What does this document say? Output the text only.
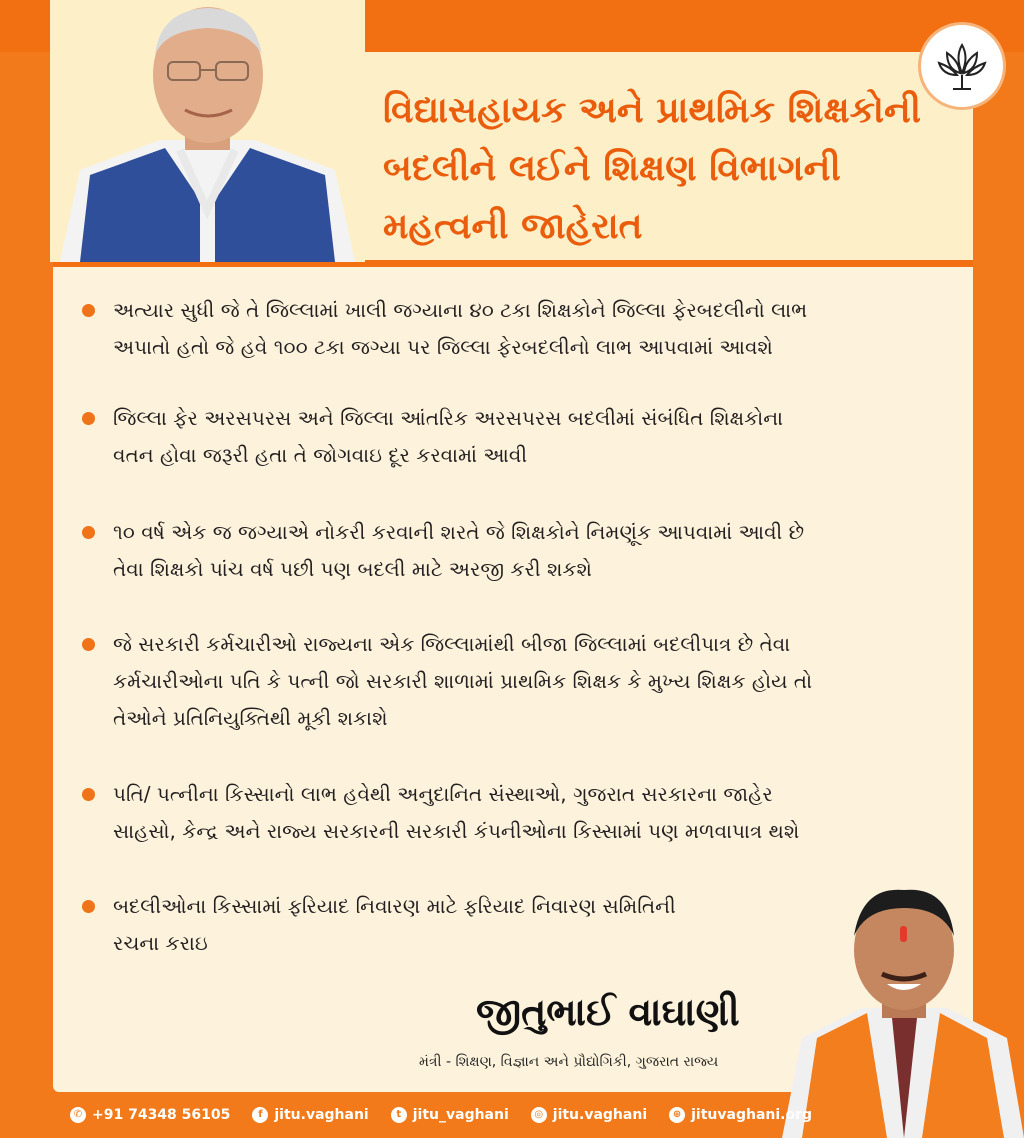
વિદ્યાસહાયક અને પ્રાથમિક શિક્ષકોની
બદલીને લઈને શિક્ષણ વિભાગની
મહત્વની જાહેરાત
અત્યાર સુધી જે તે જિલ્લામાં ખાલી જગ્યાના ૪૦ ટકા શિક્ષકોને જિલ્લા ફેરબદલીનો લાભ
અપાતો હતો જે હવે ૧૦૦ ટકા જગ્યા પર જિલ્લા ફેરબદલીનો લાભ આપવામાં આવશે
જિલ્લા ફેર અરસપરસ અને જિલ્લા આંતરિક અરસપરસ બદલીમાં સંબંધિત શિક્ષકોના
વતન હોવા જરૂરી હતા તે જોગવાઇ દૂર કરવામાં આવી
૧૦ વર્ષ એક જ જગ્યાએ નોકરી કરવાની શરતે જે શિક્ષકોને નિમણૂંક આપવામાં આવી છે
તેવા શિક્ષકો પાંચ વર્ષ પછી પણ બદલી માટે અરજી કરી શકશે
જે સરકારી કર્મચારીઓ રાજ્યના એક જિલ્લામાંથી બીજા જિલ્લામાં બદલીપાત્ર છે તેવા
કર્મચારીઓના પતિ કે પત્ની જો સરકારી શાળામાં પ્રાથમિક શિક્ષક કે મુખ્ય શિક્ષક હોય તો
તેઓને પ્રતિનિયુક્તિથી મૂકી શકાશે
પતિ/ પત્નીના કિસ્સાનો લાભ હવેથી અનુદાનિત સંસ્થાઓ, ગુજરાત સરકારના જાહેર
સાહસો, કેન્દ્ર અને રાજ્ય સરકારની સરકારી કંપનીઓના કિસ્સામાં પણ મળવાપાત્ર થશે
બદલીઓના કિસ્સામાં ફરિયાદ નિવારણ માટે ફરિયાદ નિવારણ સમિતિની
રચના કરાઇ
જીતુભાઈ વાઘાણી
મંત્રી - શિક્ષણ, વિજ્ઞાન અને પ્રૌદ્યોગિકી, ગુજરાત રાજ્ય
✆ +91 74348 56105	f jitu.vaghani	t jitu_vaghani	◎ jitu.vaghani	⊕ jituvaghani.org
